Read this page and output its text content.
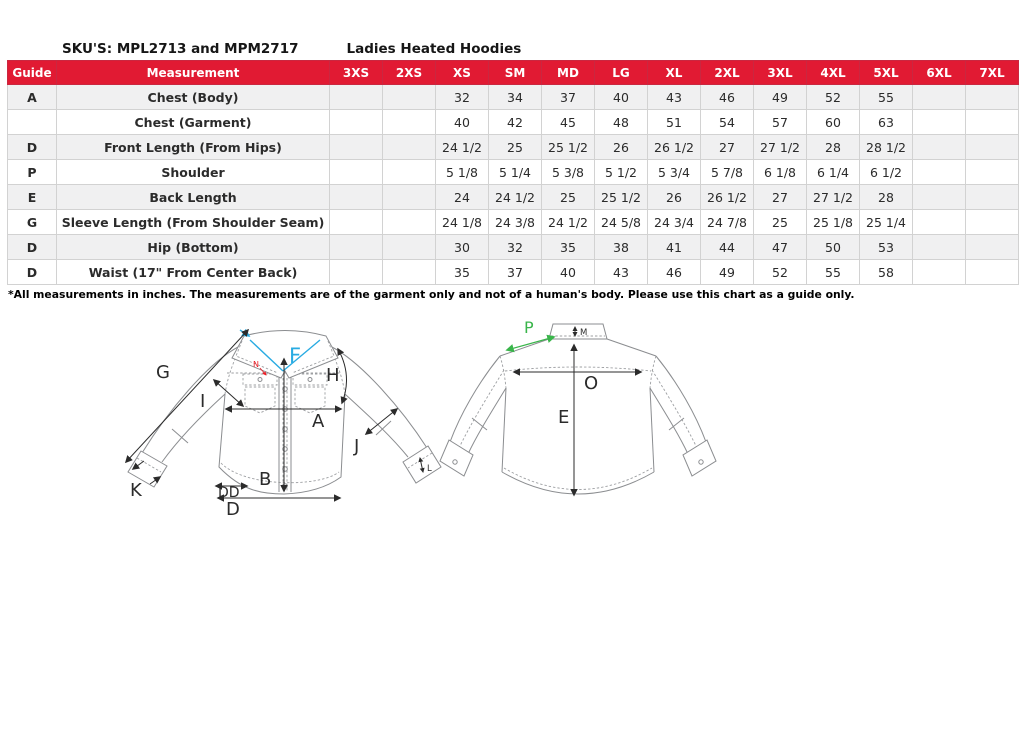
SKU'S: MPL2713 and MPM2717	Ladies Heated Hoodies
Guide	Measurement	3XS	2XS	XS	SM	MD	LG	XL	2XL	3XL	4XL	5XL	6XL	7XL
A	Chest (Body)			32	34	37	40	43	46	49	52	55		
	Chest (Garment)			40	42	45	48	51	54	57	60	63		
D	Front Length (From Hips)			24 1/2	25	25 1/2	26	26 1/2	27	27 1/2	28	28 1/2		
P	Shoulder			5 1/8	5 1/4	5 3/8	5 1/2	5 3/4	5 7/8	6 1/8	6 1/4	6 1/2		
E	Back Length			24	24 1/2	25	25 1/2	26	26 1/2	27	27 1/2	28		
G	Sleeve Length (From Shoulder Seam)			24 1/8	24 3/8	24 1/2	24 5/8	24 3/4	24 7/8	25	25 1/8	25 1/4		
D	Hip (Bottom)			30	32	35	38	41	44	47	50	53		
D	Waist (17" From Center Back)			35	37	40	43	46	49	52	55	58		
*All measurements in inches. The measurements are of the garment only and not of a human's body. Please use this chart as a guide only.
G
I
F
N
H
A
J
B
K	DD
D
L
P	M
O
E
